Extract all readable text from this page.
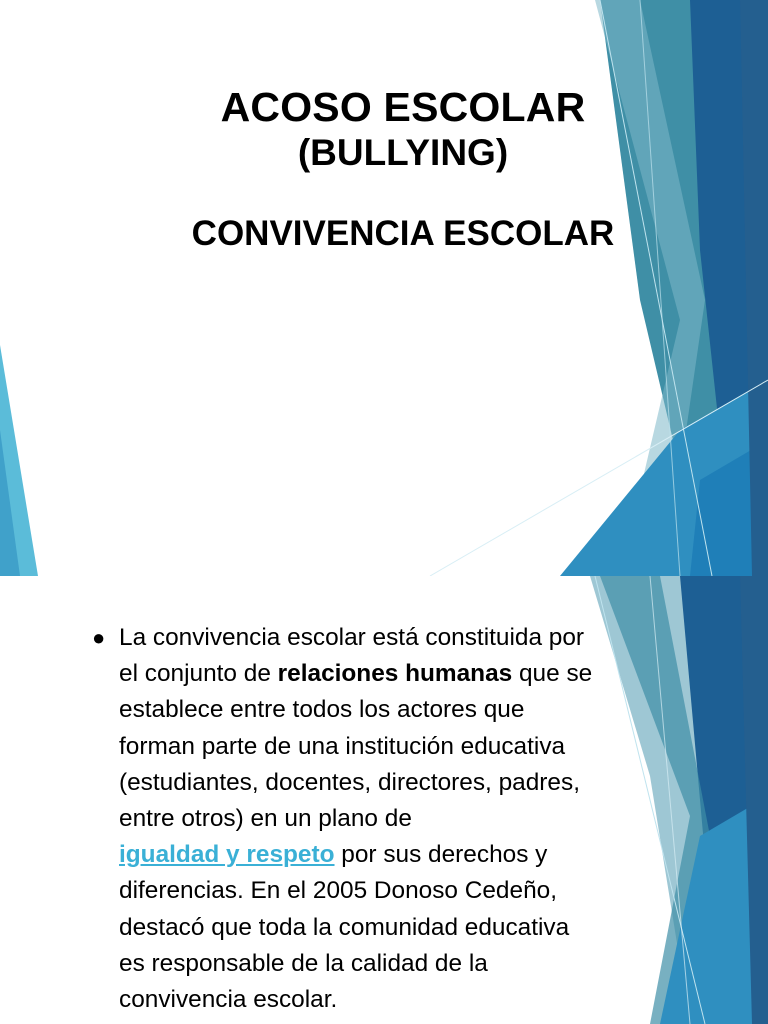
ACOSO ESCOLAR
(BULLYING)
CONVIVENCIA ESCOLAR
● La convivencia escolar está constituida por
el conjunto de relaciones humanas que se
establece entre todos los actores que
forman parte de una institución educativa
(estudiantes, docentes, directores, padres,
entre otros) en un plano de
igualdad y respeto por sus derechos y
diferencias. En el 2005 Donoso Cedeño,
destacó que toda la comunidad educativa
es responsable de la calidad de la
convivencia escolar.
